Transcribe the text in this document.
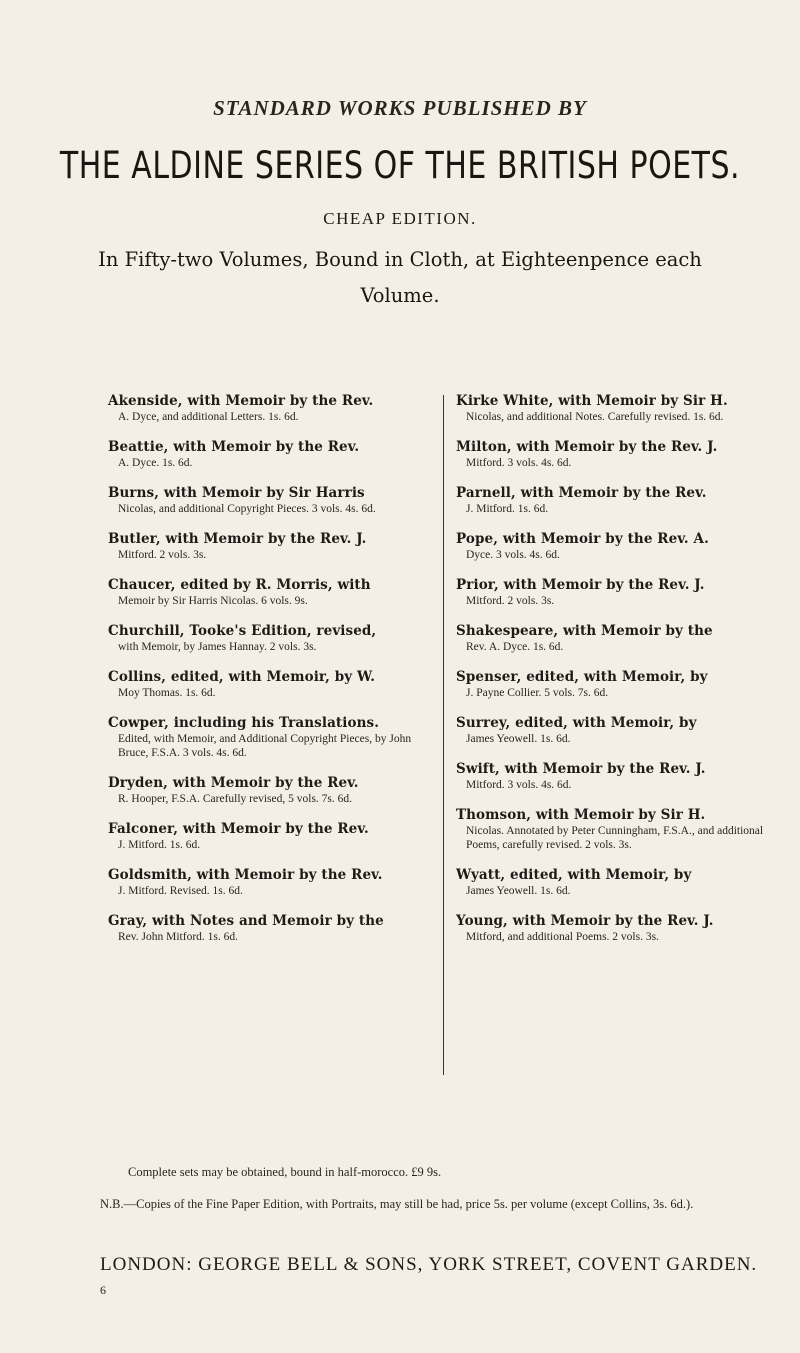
STANDARD WORKS PUBLISHED BY
THE ALDINE SERIES OF THE BRITISH POETS.
CHEAP EDITION.
In Fifty-two Volumes, Bound in Cloth, at Eighteenpence each Volume.
Akenside, with Memoir by the Rev.
A. Dyce, and additional Letters. 1s. 6d.
Beattie, with Memoir by the Rev.
A. Dyce. 1s. 6d.
Burns, with Memoir by Sir Harris
Nicolas, and additional Copyright Pieces. 3 vols. 4s. 6d.
Butler, with Memoir by the Rev. J.
Mitford. 2 vols. 3s.
Chaucer, edited by R. Morris, with
Memoir by Sir Harris Nicolas. 6 vols. 9s.
Churchill, Tooke's Edition, revised,
with Memoir, by James Hannay. 2 vols. 3s.
Collins, edited, with Memoir, by W.
Moy Thomas. 1s. 6d.
Cowper, including his Translations.
Edited, with Memoir, and Additional Copyright Pieces, by John Bruce, F.S.A. 3 vols. 4s. 6d.
Dryden, with Memoir by the Rev.
R. Hooper, F.S.A. Carefully revised, 5 vols. 7s. 6d.
Falconer, with Memoir by the Rev.
J. Mitford. 1s. 6d.
Goldsmith, with Memoir by the Rev.
J. Mitford. Revised. 1s. 6d.
Gray, with Notes and Memoir by the
Rev. John Mitford. 1s. 6d.
Kirke White, with Memoir by Sir H.
Nicolas, and additional Notes. Carefully revised. 1s. 6d.
Milton, with Memoir by the Rev. J.
Mitford. 3 vols. 4s. 6d.
Parnell, with Memoir by the Rev.
J. Mitford. 1s. 6d.
Pope, with Memoir by the Rev. A.
Dyce. 3 vols. 4s. 6d.
Prior, with Memoir by the Rev. J.
Mitford. 2 vols. 3s.
Shakespeare, with Memoir by the
Rev. A. Dyce. 1s. 6d.
Spenser, edited, with Memoir, by
J. Payne Collier. 5 vols. 7s. 6d.
Surrey, edited, with Memoir, by
James Yeowell. 1s. 6d.
Swift, with Memoir by the Rev. J.
Mitford. 3 vols. 4s. 6d.
Thomson, with Memoir by Sir H.
Nicolas. Annotated by Peter Cunningham, F.S.A., and additional Poems, carefully revised. 2 vols. 3s.
Wyatt, edited, with Memoir, by
James Yeowell. 1s. 6d.
Young, with Memoir by the Rev. J.
Mitford, and additional Poems. 2 vols. 3s.
Complete sets may be obtained, bound in half-morocco. £9 9s.
N.B.—Copies of the Fine Paper Edition, with Portraits, may still be had, price 5s. per volume (except Collins, 3s. 6d.).
LONDON: GEORGE BELL & SONS, YORK STREET, COVENT GARDEN.
6
